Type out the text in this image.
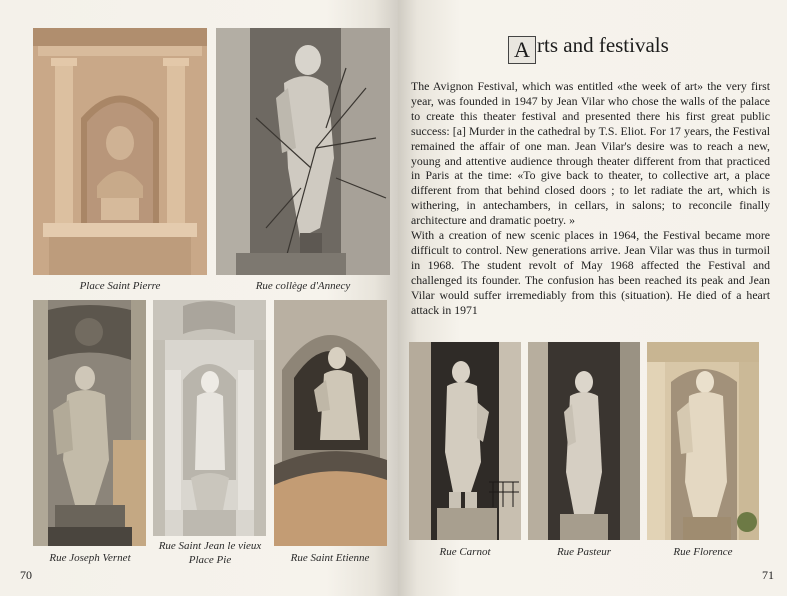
Place Saint Pierre	Rue collège d'Annecy
Rue Joseph Vernet
Rue Saint Jean le vieux
Place Pie	Rue Saint Etienne
70
A rts and festivals

The Avignon Festival, which was entitled «the week of art» the very first year, was founded in 1947 by Jean Vilar who chose the walls of the palace to create this theater festival and presented there his first great public success: [a] Murder in the cathedral by T.S. Eliot. For 17 years, the Festival remained the affair of one man. Jean Vilar's desire was to reach a new, young and attentive audience through theater different from that practiced in Paris at the time: «To give back to theater, to collective art, a place different from that behind closed doors ; to let radiate the art, which is withering, in antechambers, in cellars, in salons; to reconcile finally architecture and dramatic poetry. »

With a creation of new scenic places in 1964, the Festival became more difficult to control. New generations arrive. Jean Vilar was thus in turmoil in 1968. The student revolt of May 1968 affected the Festival and challenged its founder. The confusion has been reached its peak and Jean Vilar would suffer irremediably from this (situation). He died of a heart attack in 1971

Rue Carnot	Rue Pasteur	Rue Florence
71
